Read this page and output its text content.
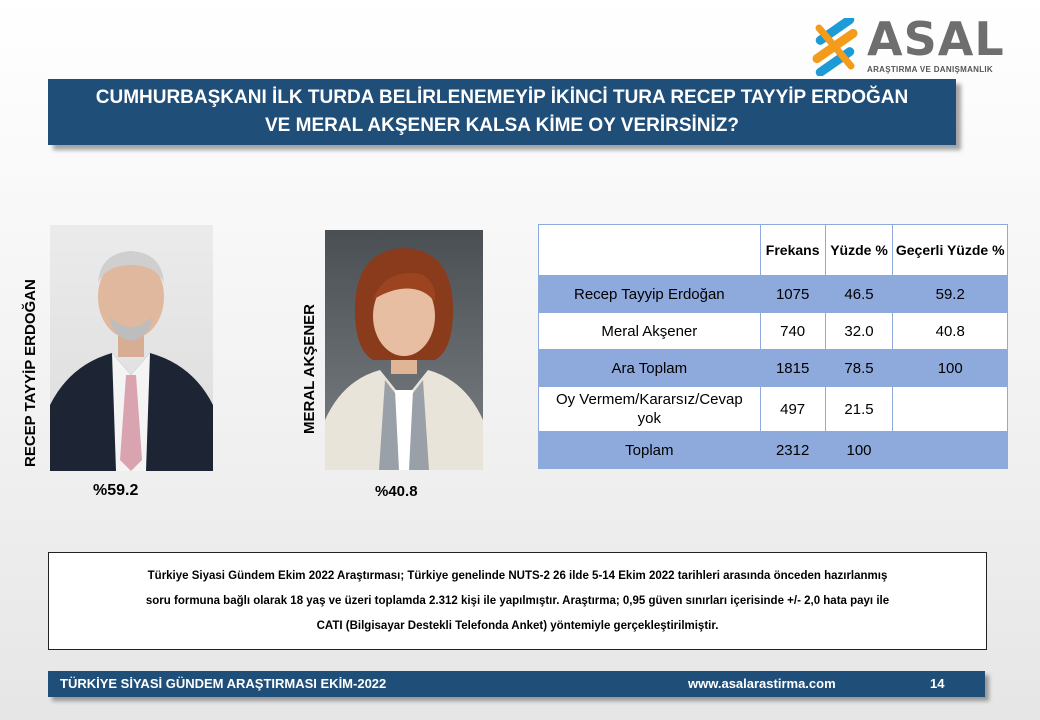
ASAL
ARAŞTIRMA VE DANIŞMANLIK
CUMHURBAŞKANI İLK TURDA BELİRLENEMEYİP İKİNCİ TURA RECEP TAYYİP ERDOĞAN
VE MERAL AKŞENER KALSA KİME OY VERİRSİNİZ?
RECEP TAYYİP ERDOĞAN
%59.2
MERAL AKŞENER
%40.8
	Frekans	Yüzde %	Geçerli Yüzde %
Recep Tayyip Erdoğan	1075	46.5	59.2
Meral Akşener	740	32.0	40.8
Ara Toplam	1815	78.5	100
Oy Vermem/Kararsız/Cevap yok	497	21.5	
Toplam	2312	100	
Türkiye Siyasi Gündem Ekim 2022 Araştırması; Türkiye genelinde NUTS-2 26 ilde 5-14 Ekim 2022 tarihleri arasında önceden hazırlanmış
soru formuna bağlı olarak 18 yaş ve üzeri toplamda 2.312 kişi ile yapılmıştır. Araştırma; 0,95 güven sınırları içerisinde +/- 2,0 hata payı ile
CATI (Bilgisayar Destekli Telefonda Anket) yöntemiyle gerçekleştirilmiştir.
TÜRKİYE SİYASİ GÜNDEM ARAŞTIRMASI EKİM-2022	www.asalarastirma.com	14
